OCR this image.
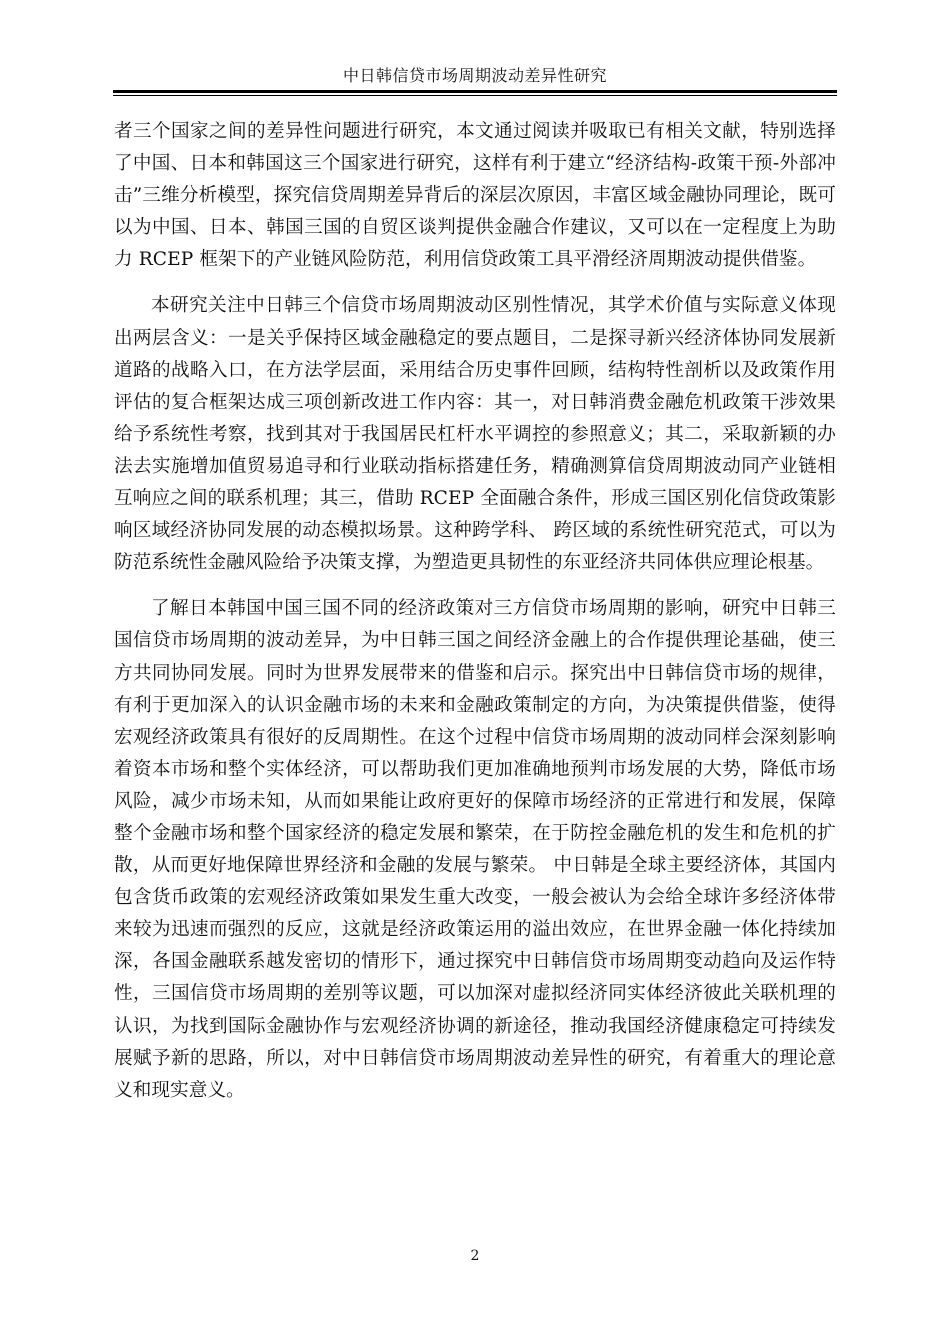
中日韩信贷市场周期波动差异性研究

者三个国家之间的差异性问题进行研究，本文通过阅读并吸取已有相关文献，特别选择了中国、日本和韩国这三个国家进行研究，这样有利于建立“经济结构-政策干预-外部冲击”三维分析模型，探究信贷周期差异背后的深层次原因，丰富区域金融协同理论，既可以为中国、日本、韩国三国的自贸区谈判提供金融合作建议，又可以在一定程度上为助力 RCEP 框架下的产业链风险防范，利用信贷政策工具平滑经济周期波动提供借鉴。

本研究关注中日韩三个信贷市场周期波动区别性情况，其学术价值与实际意义体现出两层含义：一是关乎保持区域金融稳定的要点题目，二是探寻新兴经济体协同发展新道路的战略入口，在方法学层面，采用结合历史事件回顾，结构特性剖析以及政策作用评估的复合框架达成三项创新改进工作内容：其一，对日韩消费金融危机政策干涉效果给予系统性考察，找到其对于我国居民杠杆水平调控的参照意义；其二，采取新颖的办法去实施增加值贸易追寻和行业联动指标搭建任务，精确测算信贷周期波动同产业链相互响应之间的联系机理；其三，借助 RCEP 全面融合条件，形成三国区别化信贷政策影响区域经济协同发展的动态模拟场景。这种跨学科、 跨区域的系统性研究范式，可以为防范系统性金融风险给予决策支撑，为塑造更具韧性的东亚经济共同体供应理论根基。

了解日本韩国中国三国不同的经济政策对三方信贷市场周期的影响，研究中日韩三国信贷市场周期的波动差异，为中日韩三国之间经济金融上的合作提供理论基础，使三方共同协同发展。同时为世界发展带来的借鉴和启示。探究出中日韩信贷市场的规律，有利于更加深入的认识金融市场的未来和金融政策制定的方向，为决策提供借鉴，使得宏观经济政策具有很好的反周期性。在这个过程中信贷市场周期的波动同样会深刻影响着资本市场和整个实体经济，可以帮助我们更加准确地预判市场发展的大势，降低市场风险，减少市场未知，从而如果能让政府更好的保障市场经济的正常进行和发展，保障整个金融市场和整个国家经济的稳定发展和繁荣，在于防控金融危机的发生和危机的扩散，从而更好地保障世界经济和金融的发展与繁荣。 中日韩是全球主要经济体，其国内包含货币政策的宏观经济政策如果发生重大改变，一般会被认为会给全球许多经济体带来较为迅速而强烈的反应，这就是经济政策运用的溢出效应，在世界金融一体化持续加深，各国金融联系越发密切的情形下，通过探究中日韩信贷市场周期变动趋向及运作特性，三国信贷市场周期的差别等议题，可以加深对虚拟经济同实体经济彼此关联机理的认识，为找到国际金融协作与宏观经济协调的新途径，推动我国经济健康稳定可持续发展赋予新的思路，所以，对中日韩信贷市场周期波动差异性的研究，有着重大的理论意义和现实意义。

2
